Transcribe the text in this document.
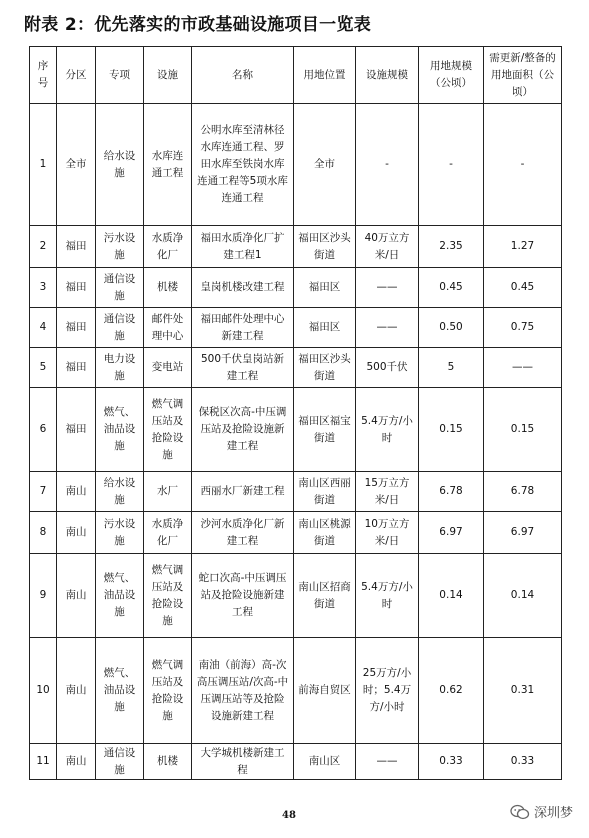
附表 2：优先落实的市政基础设施项目一览表
序号	分区	专项	设施	名称	用地位置	设施规模	用地规模（公顷）	需更新/整备的用地面积（公顷）
1	全市	给水设施	水库连通工程	公明水库至清林径水库连通工程、罗田水库至铁岗水库连通工程等5项水库连通工程	全市	-	-	-
2	福田	污水设施	水质净化厂	福田水质净化厂扩建工程1	福田区沙头街道	40万立方米/日	2.35	1.27
3	福田	通信设施	机楼	皇岗机楼改建工程	福田区	——	0.45	0.45
4	福田	通信设施	邮件处理中心	福田邮件处理中心新建工程	福田区	——	0.50	0.75
5	福田	电力设施	变电站	500千伏皇岗站新建工程	福田区沙头街道	500千伏	5	——
6	福田	燃气、油品设施	燃气调压站及抢险设施	保税区次高-中压调压站及抢险设施新建工程	福田区福宝街道	5.4万方/小时	0.15	0.15
7	南山	给水设施	水厂	西丽水厂新建工程	南山区西丽街道	15万立方米/日	6.78	6.78
8	南山	污水设施	水质净化厂	沙河水质净化厂新建工程	南山区桃源街道	10万立方米/日	6.97	6.97
9	南山	燃气、油品设施	燃气调压站及抢险设施	蛇口次高-中压调压站及抢险设施新建工程	南山区招商街道	5.4万方/小时	0.14	0.14
10	南山	燃气、油品设施	燃气调压站及抢险设施	南油（前海）高-次高压调压站/次高-中压调压站等及抢险设施新建工程	前海自贸区	25万方/小时；5.4万方/小时	0.62	0.31
11	南山	通信设施	机楼	大学城机楼新建工程	南山区	——	0.33	0.33
48	深圳梦
